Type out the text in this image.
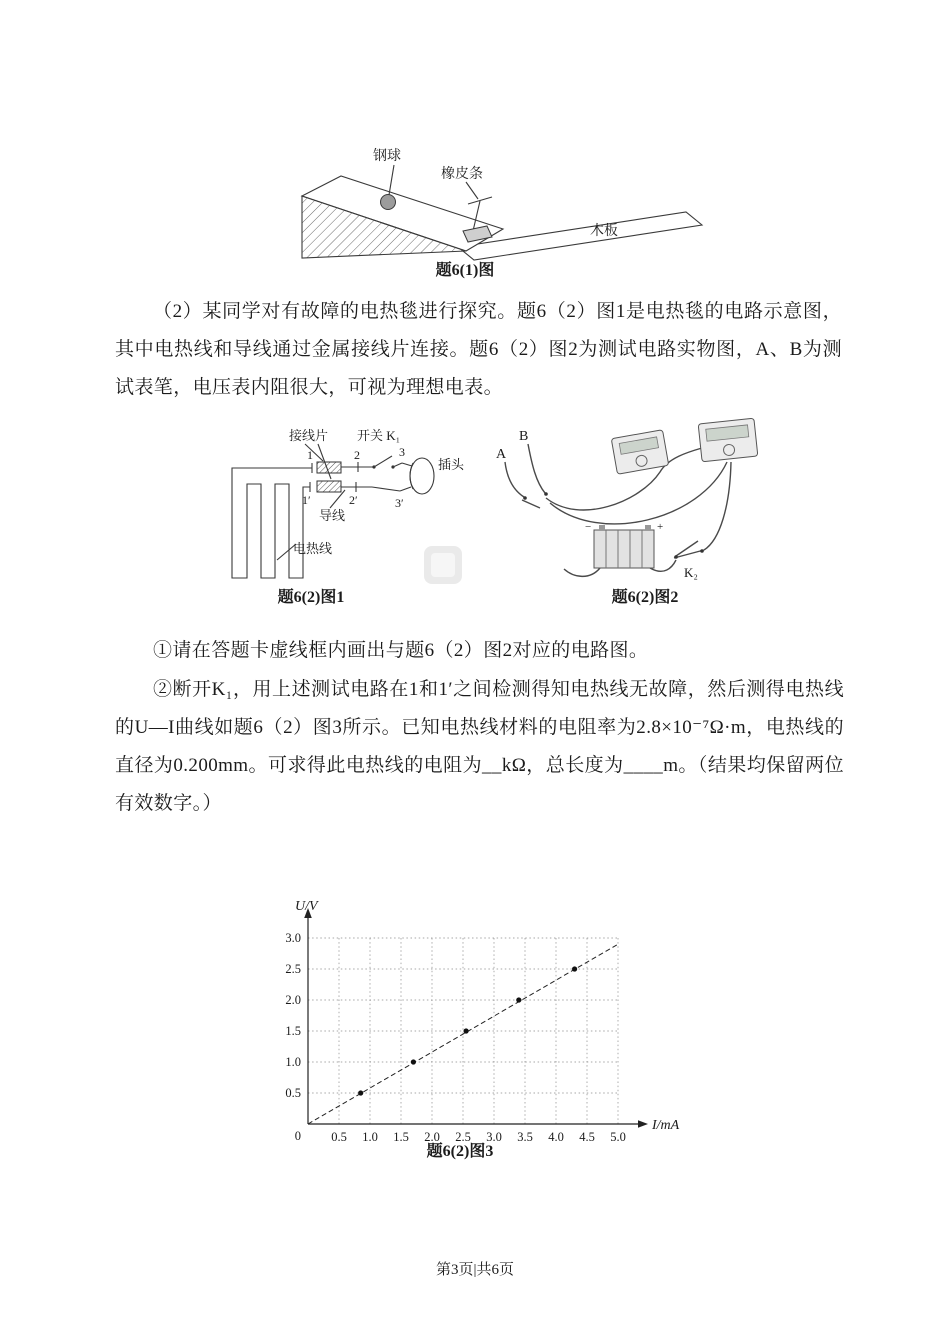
钢球
橡皮条
木板
题6(1)图
（2）某同学对有故障的电热毯进行探究。题6（2）图1是电热毯的电路示意图，其中电热线和导线通过金属接线片连接。题6（2）图2为测试电路实物图，A、B为测试表笔，电压表内阻很大，可视为理想电表。
接线片 开关 K₁
1
1′
2
2′
3
3′
插头
导线
电热线
题6(2)图1
A
B
−	+
K₂
题6(2)图2
①请在答题卡虚线框内画出与题6（2）图2对应的电路图。
②断开K₁，用上述测试电路在1和1′之间检测得知电热线无故障，然后测得电热线的U—I曲线如题6（2）图3所示。已知电热线材料的电阻率为2.8×10⁻⁷Ω·m，电热线的直径为0.200mm。可求得此电热线的电阻为__kΩ，总长度为____m。（结果均保留两位有效数字。）
0.5 1.0 1.5 2.0 2.5 3.0 3.5 4.0 4.5 5.0
0.5
1.0
1.5
2.0
2.5
3.0
0
U/V
I/mA
题6(2)图3
第3页|共6页
